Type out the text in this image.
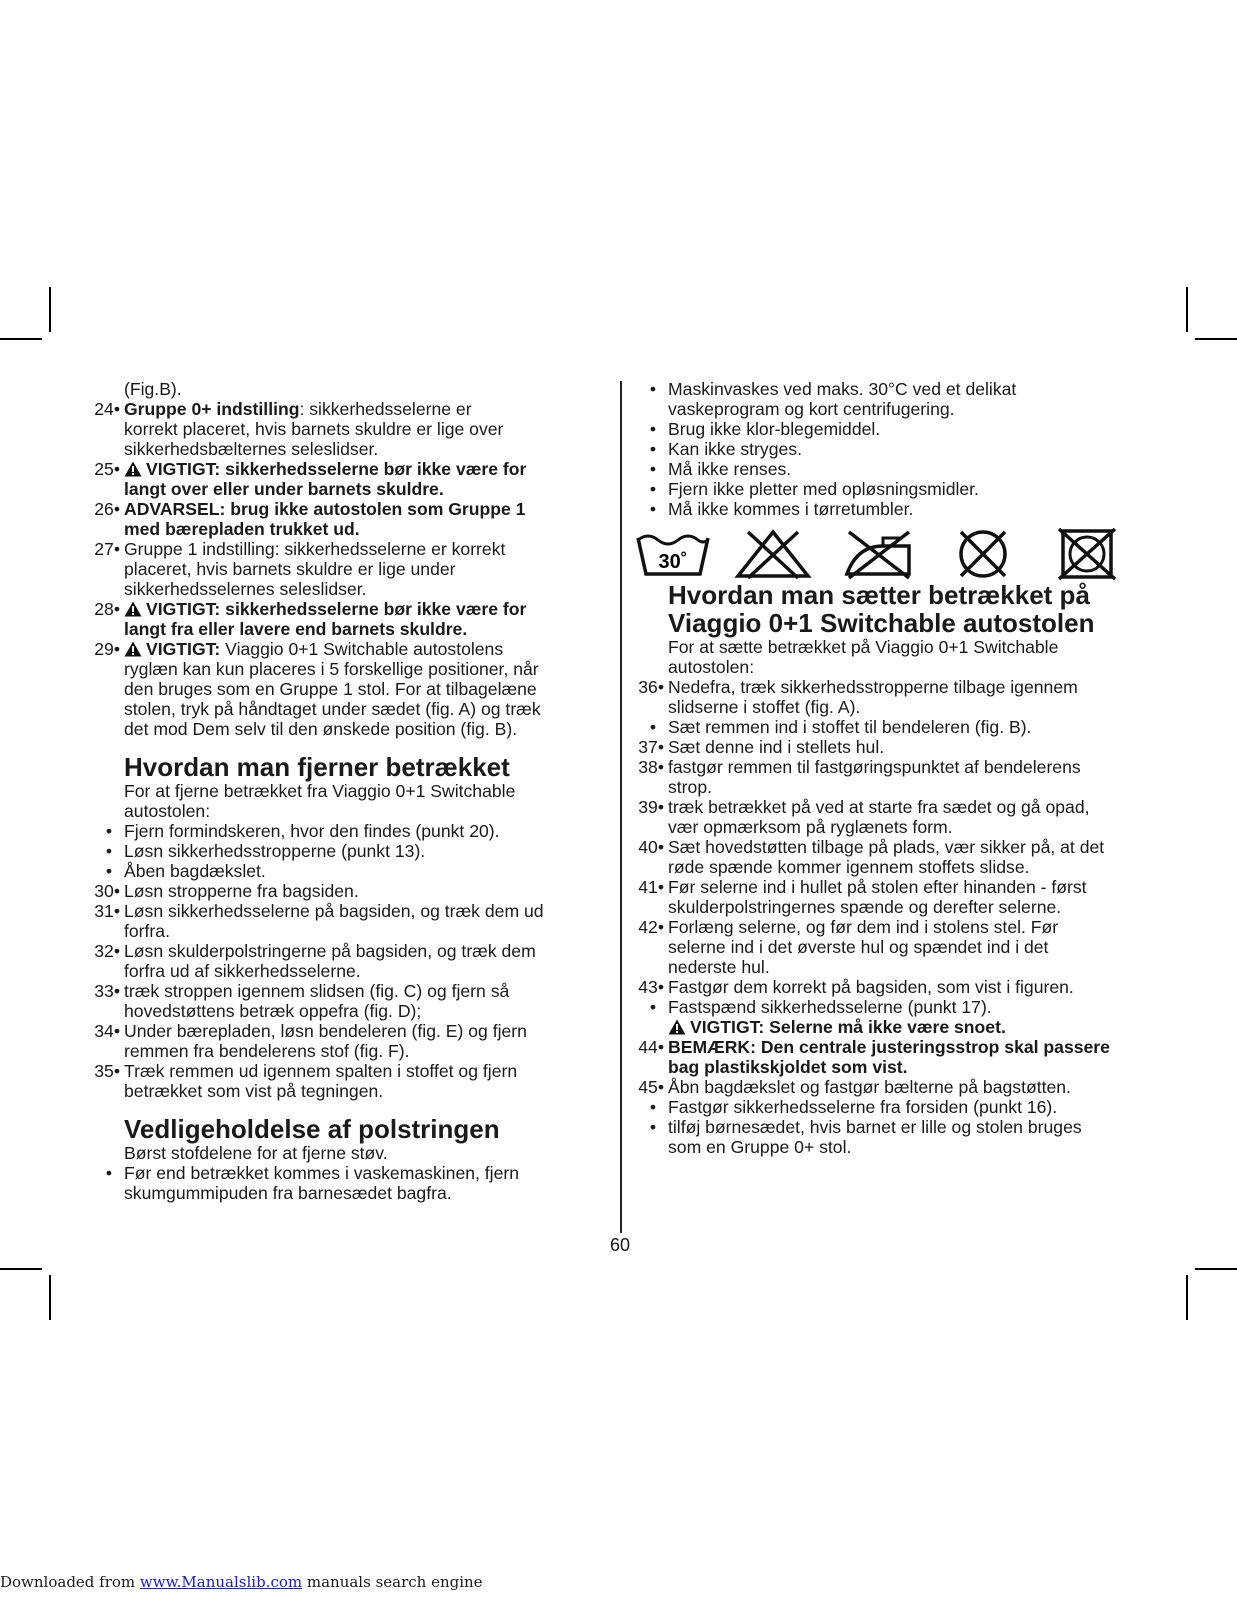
(Fig.B).
24• Gruppe 0+ indstilling: sikkerhedsselerne er
korrekt placeret, hvis barnets skuldre er lige over
sikkerhedsbælternes seleslidser.
25• VIGTIGT: sikkerhedsselerne bør ikke være for
langt over eller under barnets skuldre.
26• ADVARSEL: brug ikke autostolen som Gruppe 1
med bærepladen trukket ud.
27• Gruppe 1 indstilling: sikkerhedsselerne er korrekt
placeret, hvis barnets skuldre er lige under
sikkerhedsselernes seleslidser.
28• VIGTIGT: sikkerhedsselerne bør ikke være for
langt fra eller lavere end barnets skuldre.
29• VIGTIGT: Viaggio 0+1 Switchable autostolens
ryglæn kan kun placeres i 5 forskellige positioner, når
den bruges som en Gruppe 1 stol. For at tilbagelæne
stolen, tryk på håndtaget under sædet (fig. A) og træk
det mod Dem selv til den ønskede position (fig. B).
Hvordan man fjerner betrækket
For at fjerne betrækket fra Viaggio 0+1 Switchable
autostolen:
• Fjern formindskeren, hvor den findes (punkt 20).
• Løsn sikkerhedsstropperne (punkt 13).
• Åben bagdækslet.
30• Løsn stropperne fra bagsiden.
31• Løsn sikkerhedsselerne på bagsiden, og træk dem ud
forfra.
32• Løsn skulderpolstringerne på bagsiden, og træk dem
forfra ud af sikkerhedsselerne.
33• træk stroppen igennem slidsen (fig. C) og fjern så
hovedstøttens betræk oppefra (fig. D);
34• Under bærepladen, løsn bendeleren (fig. E) og fjern
remmen fra bendelerens stof (fig. F).
35• Træk remmen ud igennem spalten i stoffet og fjern
betrækket som vist på tegningen.
Vedligeholdelse af polstringen
Børst stofdelene for at fjerne støv.
• Før end betrækket kommes i vaskemaskinen, fjern
skumgummipuden fra barnesædet bagfra.
• Maskinvaskes ved maks. 30°C ved et delikat
vaskeprogram og kort centrifugering.
• Brug ikke klor-blegemiddel.
• Kan ikke stryges.
• Må ikke renses.
• Fjern ikke pletter med opløsningsmidler.
• Må ikke kommes i tørretumbler.
30˚
Hvordan man sætter betrækket på
Viaggio 0+1 Switchable autostolen
For at sætte betrækket på Viaggio 0+1 Switchable
autostolen:
36• Nedefra, træk sikkerhedsstropperne tilbage igennem
slidserne i stoffet (fig. A).
• Sæt remmen ind i stoffet til bendeleren (fig. B).
37• Sæt denne ind i stellets hul.
38• fastgør remmen til fastgøringspunktet af bendelerens
strop.
39• træk betrækket på ved at starte fra sædet og gå opad,
vær opmærksom på ryglænets form.
40• Sæt hovedstøtten tilbage på plads, vær sikker på, at det
røde spænde kommer igennem stoffets slidse.
41• Før selerne ind i hullet på stolen efter hinanden - først
skulderpolstringernes spænde og derefter selerne.
42• Forlæng selerne, og før dem ind i stolens stel. Før
selerne ind i det øverste hul og spændet ind i det
nederste hul.
43• Fastgør dem korrekt på bagsiden, som vist i figuren.
• Fastspænd sikkerhedsselerne (punkt 17).
VIGTIGT: Selerne må ikke være snoet.
44• BEMÆRK: Den centrale justeringsstrop skal passere
bag plastikskjoldet som vist.
45• Åbn bagdækslet og fastgør bælterne på bagstøtten.
• Fastgør sikkerhedsselerne fra forsiden (punkt 16).
• tilføj børnesædet, hvis barnet er lille og stolen bruges
som en Gruppe 0+ stol.
60
Downloaded from www.Manualslib.com manuals search engine
